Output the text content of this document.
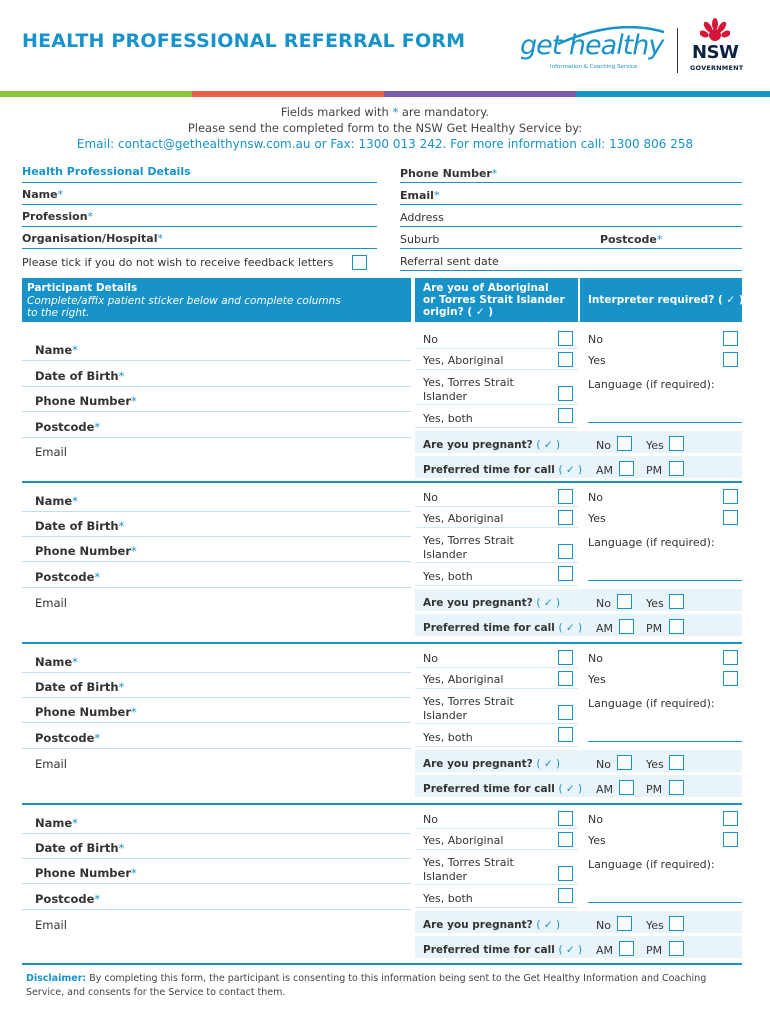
HEALTH PROFESSIONAL REFERRAL FORM get healthy
Information & Coaching Service
NSW
GOVERNMENT
Fields marked with * are mandatory.
Please send the completed form to the NSW Get Healthy Service by:
Email: contact@gethealthynsw.com.au or Fax: 1300 013 242. For more information call: 1300 806 258
Health Professional Details
Name*
Profession*
Organisation/Hospital*
Please tick if you do not wish to receive feedback letters
Phone Number*
Email*
Address
Suburb	Postcode*
Referral sent date
Participant Details
Complete/affix patient sticker below and complete columns
to the right.
Are you of Aboriginal
or Torres Strait Islander
origin? ( ✓ )
Interpreter required? ( ✓ )
Name*
Date of Birth*
Phone Number*
Postcode*
Email
No
Yes, Aboriginal
Yes, Torres Strait
Islander
Yes, both
No
Yes
Language (if required):
Are you pregnant? ( ✓ )	No	Yes
Preferred time for call ( ✓ ) AM	PM
Name*
Date of Birth*
Phone Number*
Postcode*
Email
No
Yes, Aboriginal
Yes, Torres Strait
Islander
Yes, both
No
Yes
Language (if required):
Are you pregnant? ( ✓ )	No	Yes
Preferred time for call ( ✓ ) AM	PM
Name*
Date of Birth*
Phone Number*
Postcode*
Email
No
Yes, Aboriginal
Yes, Torres Strait
Islander
Yes, both
No
Yes
Language (if required):
Are you pregnant? ( ✓ )	No	Yes
Preferred time for call ( ✓ ) AM	PM
Name*
Date of Birth*
Phone Number*
Postcode*
Email
No
Yes, Aboriginal
Yes, Torres Strait
Islander
Yes, both
No
Yes
Language (if required):
Are you pregnant? ( ✓ )	No	Yes
Preferred time for call ( ✓ ) AM	PM
Disclaimer: By completing this form, the participant is consenting to this information being sent to the Get Healthy Information and Coaching Service, and consents for the Service to contact them.
